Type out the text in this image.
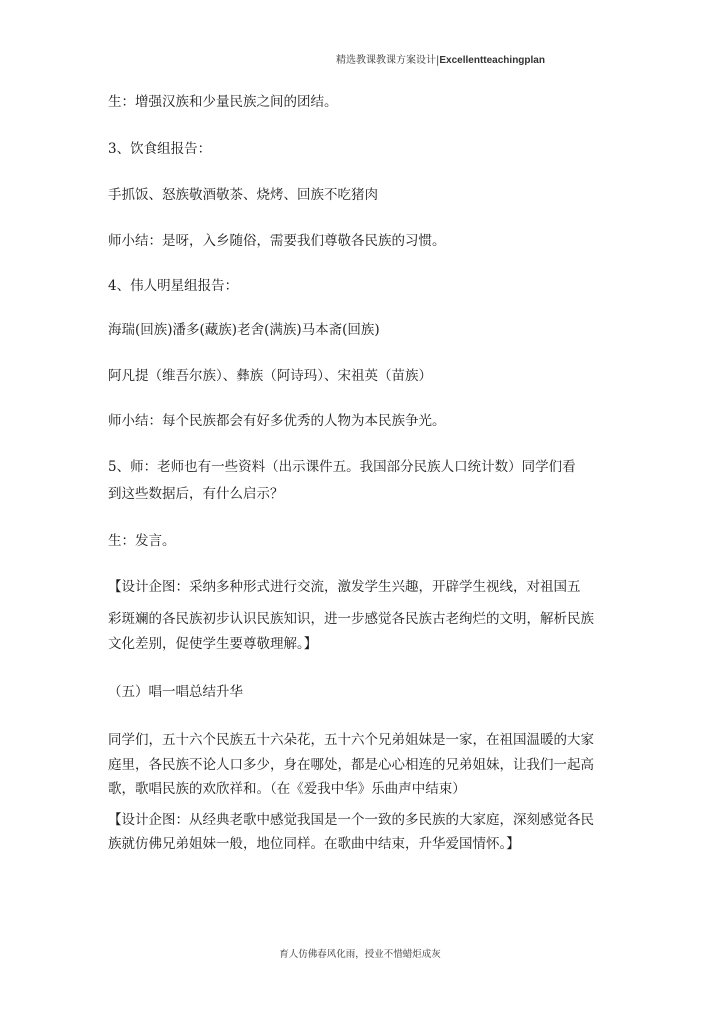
精选教课教课方案设计|Excellentteachingplan
生：增强汉族和少量民族之间的团结。
3、饮食组报告：
手抓饭、怒族敬酒敬茶、烧烤、回族不吃猪肉
师小结：是呀，入乡随俗，需要我们尊敬各民族的习惯。
4、伟人明星组报告：
海瑞(回族)潘多(藏族)老舍(满族)马本斋(回族)
阿凡提（维吾尔族）、彝族（阿诗玛）、宋祖英（苗族）
师小结：每个民族都会有好多优秀的人物为本民族争光。
5、师：老师也有一些资料（出示课件五。我国部分民族人口统计数）同学们看
到这些数据后，有什么启示？
生：发言。
【设计企图：采纳多种形式进行交流，激发学生兴趣，开辟学生视线，对祖国五
彩斑斓的各民族初步认识民族知识，进一步感觉各民族古老绚烂的文明，解析民族
文化差别，促使学生要尊敬理解。】
（五）唱一唱总结升华
同学们，五十六个民族五十六朵花，五十六个兄弟姐妹是一家，在祖国温暖的大家
庭里，各民族不论人口多少，身在哪处，都是心心相连的兄弟姐妹，让我们一起高
歌，歌唱民族的欢欣祥和。（在《爱我中华》乐曲声中结束）
【设计企图：从经典老歌中感觉我国是一个一致的多民族的大家庭，深刻感觉各民
族就仿佛兄弟姐妹一般，地位同样。在歌曲中结束，升华爱国情怀。】
育人仿佛春风化雨，授业不惜蜡炬成灰
